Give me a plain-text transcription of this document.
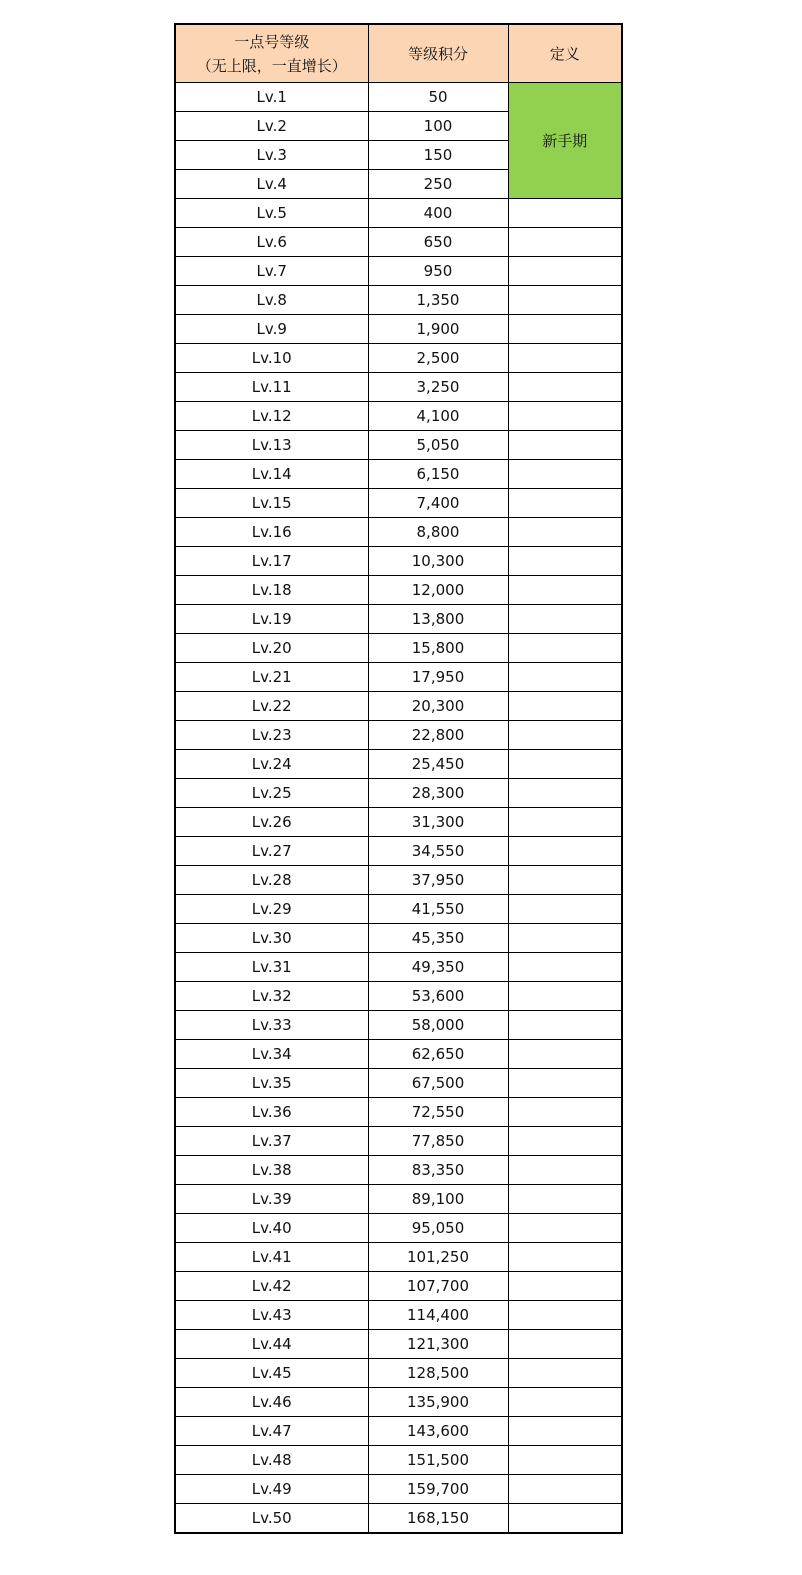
一点号等级
（无上限，一直增长）	等级积分	定义
Lv.1	50	新手期
Lv.2	100	
Lv.3	150	
Lv.4	250	
Lv.5	400	
Lv.6	650	
Lv.7	950	
Lv.8	1,350	
Lv.9	1,900	
Lv.10	2,500	
Lv.11	3,250	
Lv.12	4,100	
Lv.13	5,050	
Lv.14	6,150	
Lv.15	7,400	
Lv.16	8,800	
Lv.17	10,300	
Lv.18	12,000	
Lv.19	13,800	
Lv.20	15,800	
Lv.21	17,950	
Lv.22	20,300	
Lv.23	22,800	
Lv.24	25,450	
Lv.25	28,300	
Lv.26	31,300	
Lv.27	34,550	
Lv.28	37,950	
Lv.29	41,550	
Lv.30	45,350	
Lv.31	49,350	
Lv.32	53,600	
Lv.33	58,000	
Lv.34	62,650	
Lv.35	67,500	
Lv.36	72,550	
Lv.37	77,850	
Lv.38	83,350	
Lv.39	89,100	
Lv.40	95,050	
Lv.41	101,250	
Lv.42	107,700	
Lv.43	114,400	
Lv.44	121,300	
Lv.45	128,500	
Lv.46	135,900	
Lv.47	143,600	
Lv.48	151,500	
Lv.49	159,700	
Lv.50	168,150	
